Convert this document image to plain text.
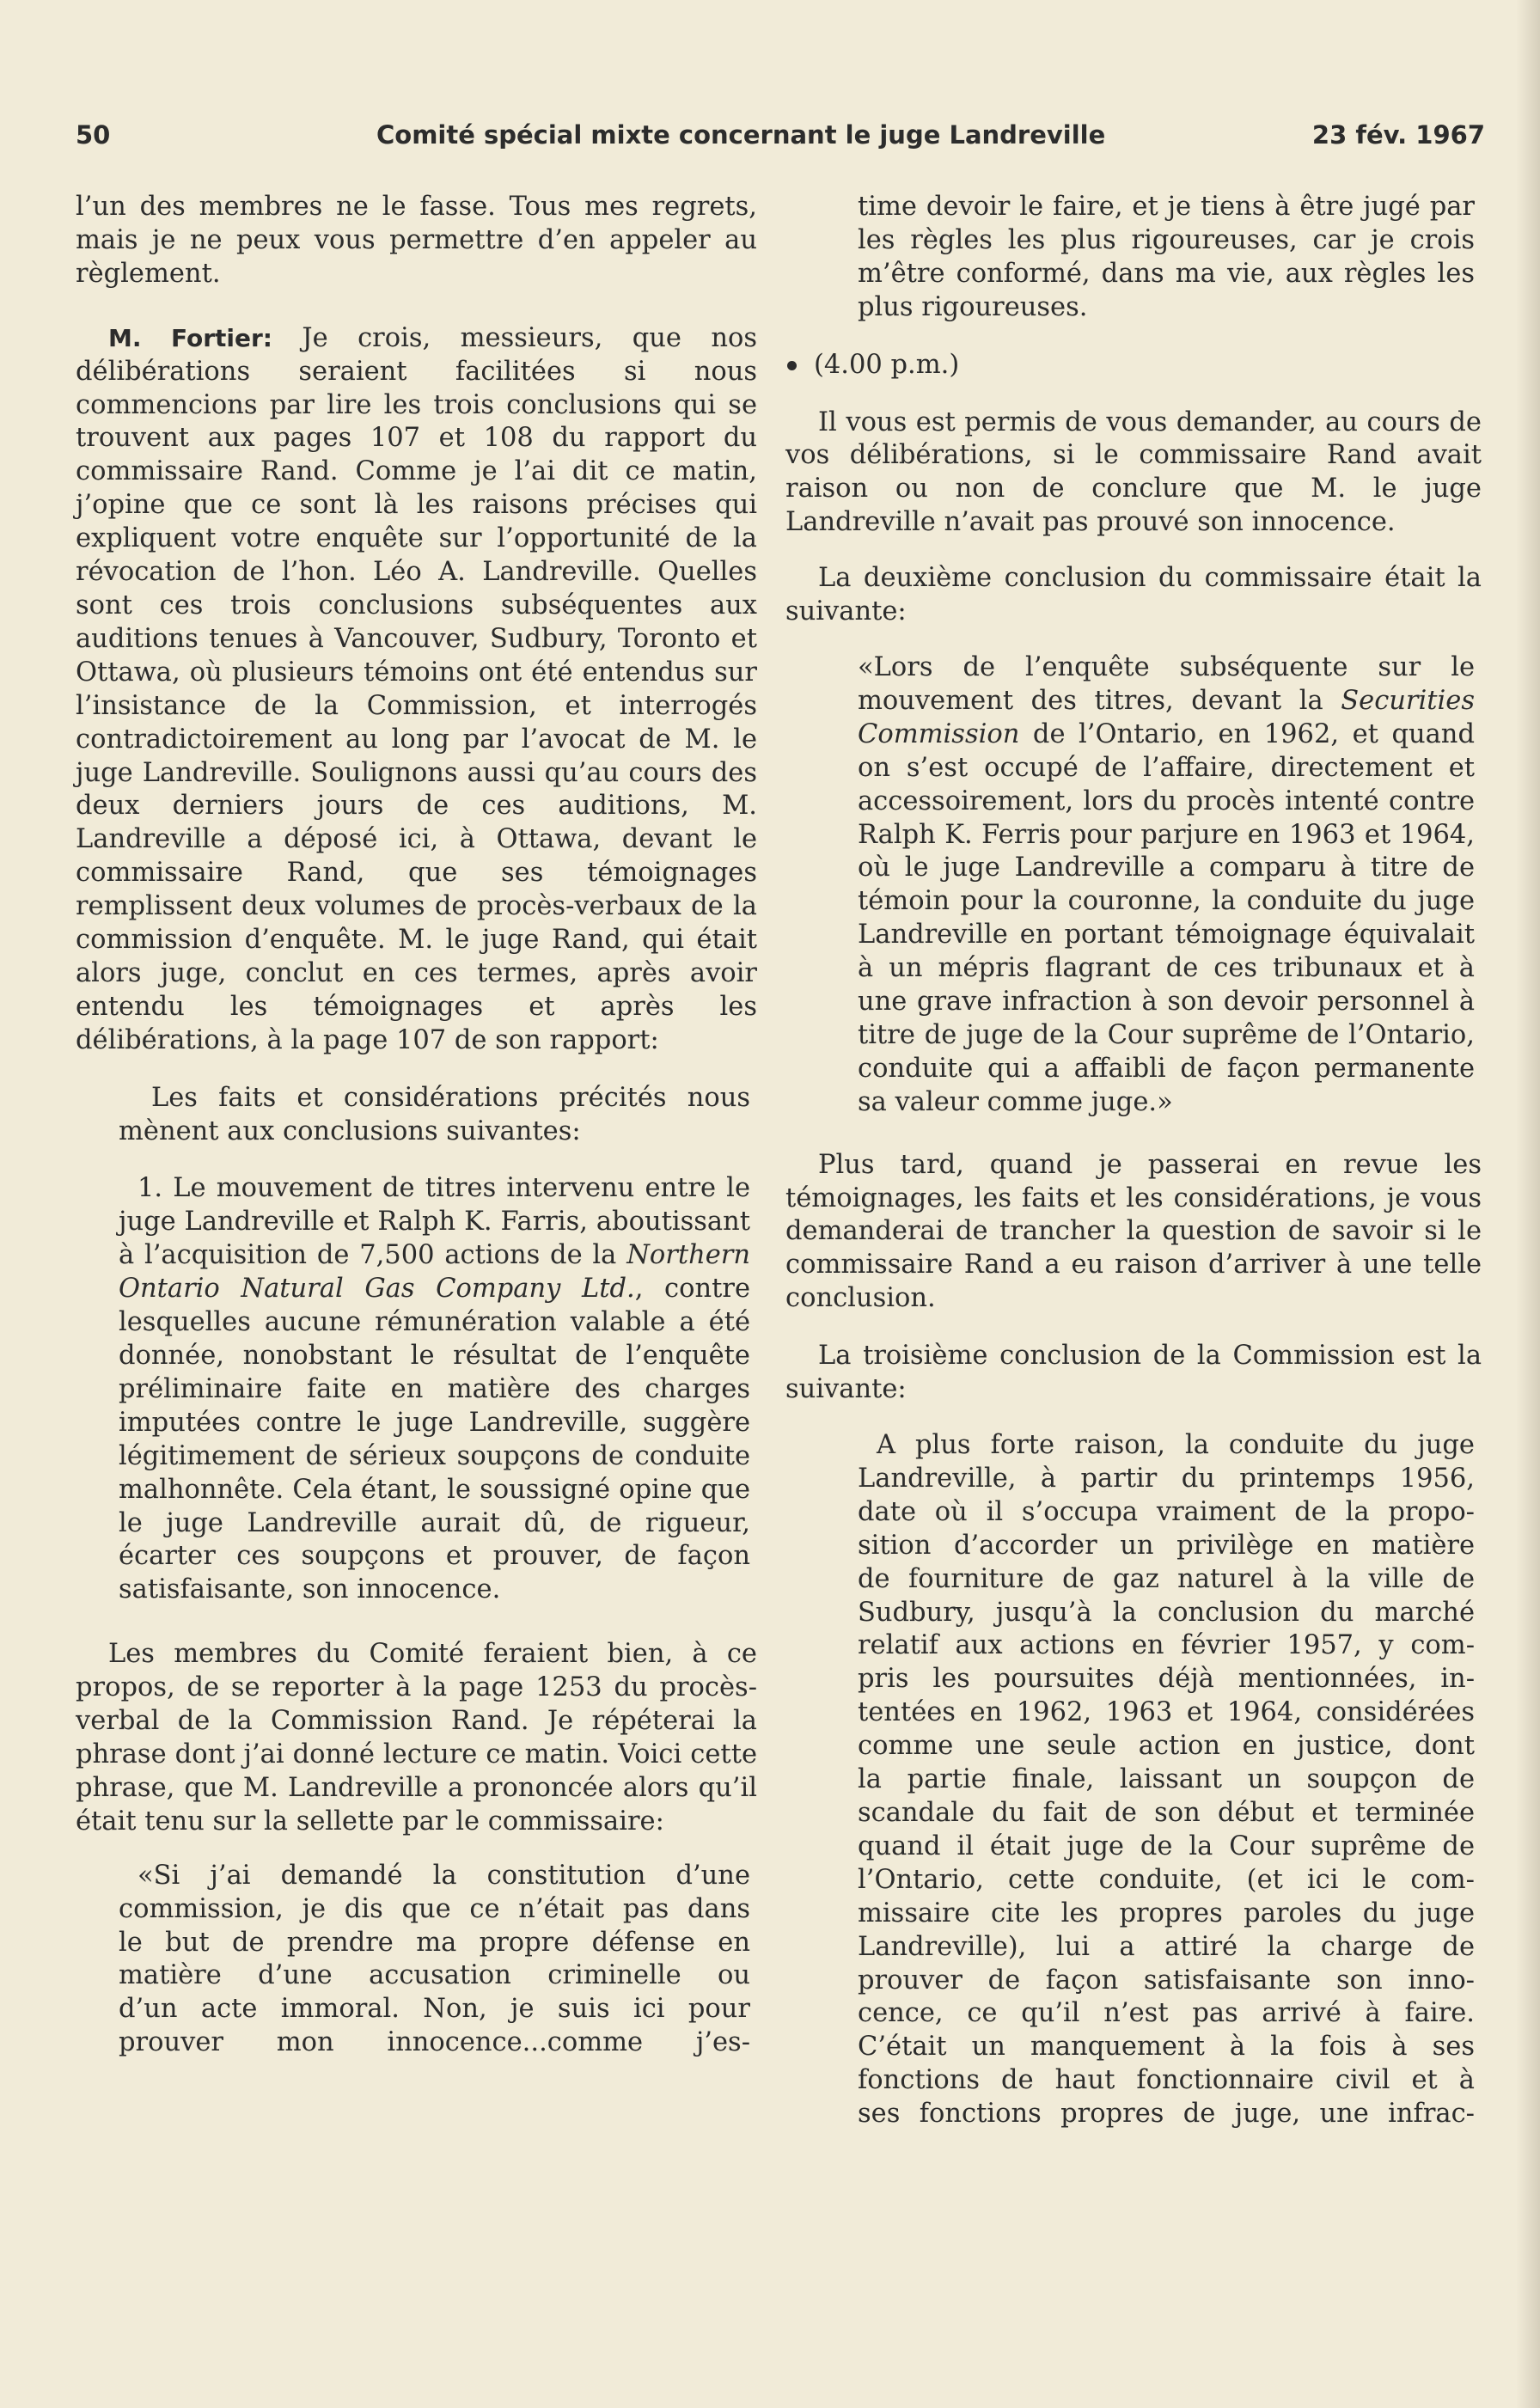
50	Comité spécial mixte concernant le juge Landreville	23 fév. 1967

l’un des membres ne le fasse. Tous mes regrets, mais je ne peux vous permettre d’en appeler au règlement.

M. Fortier: Je crois, messieurs, que nos délibérations seraient facilitées si nous commencions par lire les trois conclusions qui se trouvent aux pages 107 et 108 du rapport du commissaire Rand. Comme je l’ai dit ce matin, j’opine que ce sont là les raisons précises qui expliquent votre enquête sur l’opportunité de la révocation de l’hon. Léo A. Landreville. Quelles sont ces trois conclusions subséquentes aux auditions tenues à Vancouver, Sudbury, Toronto et Ottawa, où plusieurs témoins ont été entendus sur l’insistance de la Commission, et interrogés contradictoirement au long par l’avocat de M. le juge Landreville. Soulignons aussi qu’au cours des deux derniers jours de ces auditions, M. Landreville a déposé ici, à Ottawa, devant le commissaire Rand, que ses témoignages remplissent deux volumes de procès-verbaux de la commission d’enquête. M. le juge Rand, qui était alors juge, conclut en ces termes, après avoir entendu les témoignages et après les délibérations, à la page 107 de son rapport:

Les faits et considérations précités nous mènent aux conclusions suivantes:

1. Le mouvement de titres intervenu entre le juge Landreville et Ralph K. Farris, aboutissant à l’acquisition de 7,500 actions de la Northern Ontario Natural Gas Company Ltd., contre lesquelles aucune rémunération valable a été donnée, nonobstant le résultat de l’enquête préliminaire faite en matière des charges imputées contre le juge Landreville, suggère légitimement de sérieux soupçons de conduite malhonnête. Cela étant, le soussigné opine que le juge Landreville aurait dû, de rigueur, écarter ces soupçons et prouver, de façon satisfaisante, son innocence.

Les membres du Comité feraient bien, à ce propos, de se reporter à la page 1253 du procès-verbal de la Commission Rand. Je répéterai la phrase dont j’ai donné lecture ce matin. Voici cette phrase, que M. Landreville a prononcée alors qu’il était tenu sur la sellette par le commissaire:

«Si j’ai demandé la constitution d’une
commission, je dis que ce n’était pas dans
le but de prendre ma propre défense en
matière d’une accusation criminelle ou
d’un acte immoral. Non, je suis ici pour
prouver mon innocence...comme j’es-

time devoir le faire, et je tiens à être jugé par les règles les plus rigoureuses, car je crois m’être conformé, dans ma vie, aux règles les plus rigoureuses.

(4.00 p.m.)

Il vous est permis de vous demander, au cours de vos délibérations, si le commissaire Rand avait raison ou non de conclure que M. le juge Landreville n’avait pas prouvé son innocence.

La deuxième conclusion du commissaire était la suivante:

«Lors de l’enquête subséquente sur le mouvement des titres, devant la Securities Commission de l’Ontario, en 1962, et quand on s’est occupé de l’affaire, directement et accessoirement, lors du procès intenté contre Ralph K. Ferris pour parjure en 1963 et 1964, où le juge Landreville a comparu à titre de témoin pour la couronne, la conduite du juge Landreville en portant témoignage équivalait à un mépris flagrant de ces tribunaux et à une grave infraction à son devoir personnel à titre de juge de la Cour suprême de l’Ontario, conduite qui a affaibli de façon permanente sa valeur comme juge.»

Plus tard, quand je passerai en revue les témoignages, les faits et les considérations, je vous demanderai de trancher la question de savoir si le commissaire Rand a eu raison d’arriver à une telle conclusion.

La troisième conclusion de la Commission est la suivante:

A plus forte raison, la conduite du juge
Landreville, à partir du printemps 1956,
date où il s’occupa vraiment de la propo-
sition d’accorder un privilège en matière
de fourniture de gaz naturel à la ville de
Sudbury, jusqu’à la conclusion du marché
relatif aux actions en février 1957, y com-
pris les poursuites déjà mentionnées, in-
tentées en 1962, 1963 et 1964, considérées
comme une seule action en justice, dont
la partie finale, laissant un soupçon de
scandale du fait de son début et terminée
quand il était juge de la Cour suprême de
l’Ontario, cette conduite, (et ici le com-
missaire cite les propres paroles du juge
Landreville), lui a attiré la charge de
prouver de façon satisfaisante son inno-
cence, ce qu’il n’est pas arrivé à faire.
C’était un manquement à la fois à ses
fonctions de haut fonctionnaire civil et à
ses fonctions propres de juge, une infrac-
